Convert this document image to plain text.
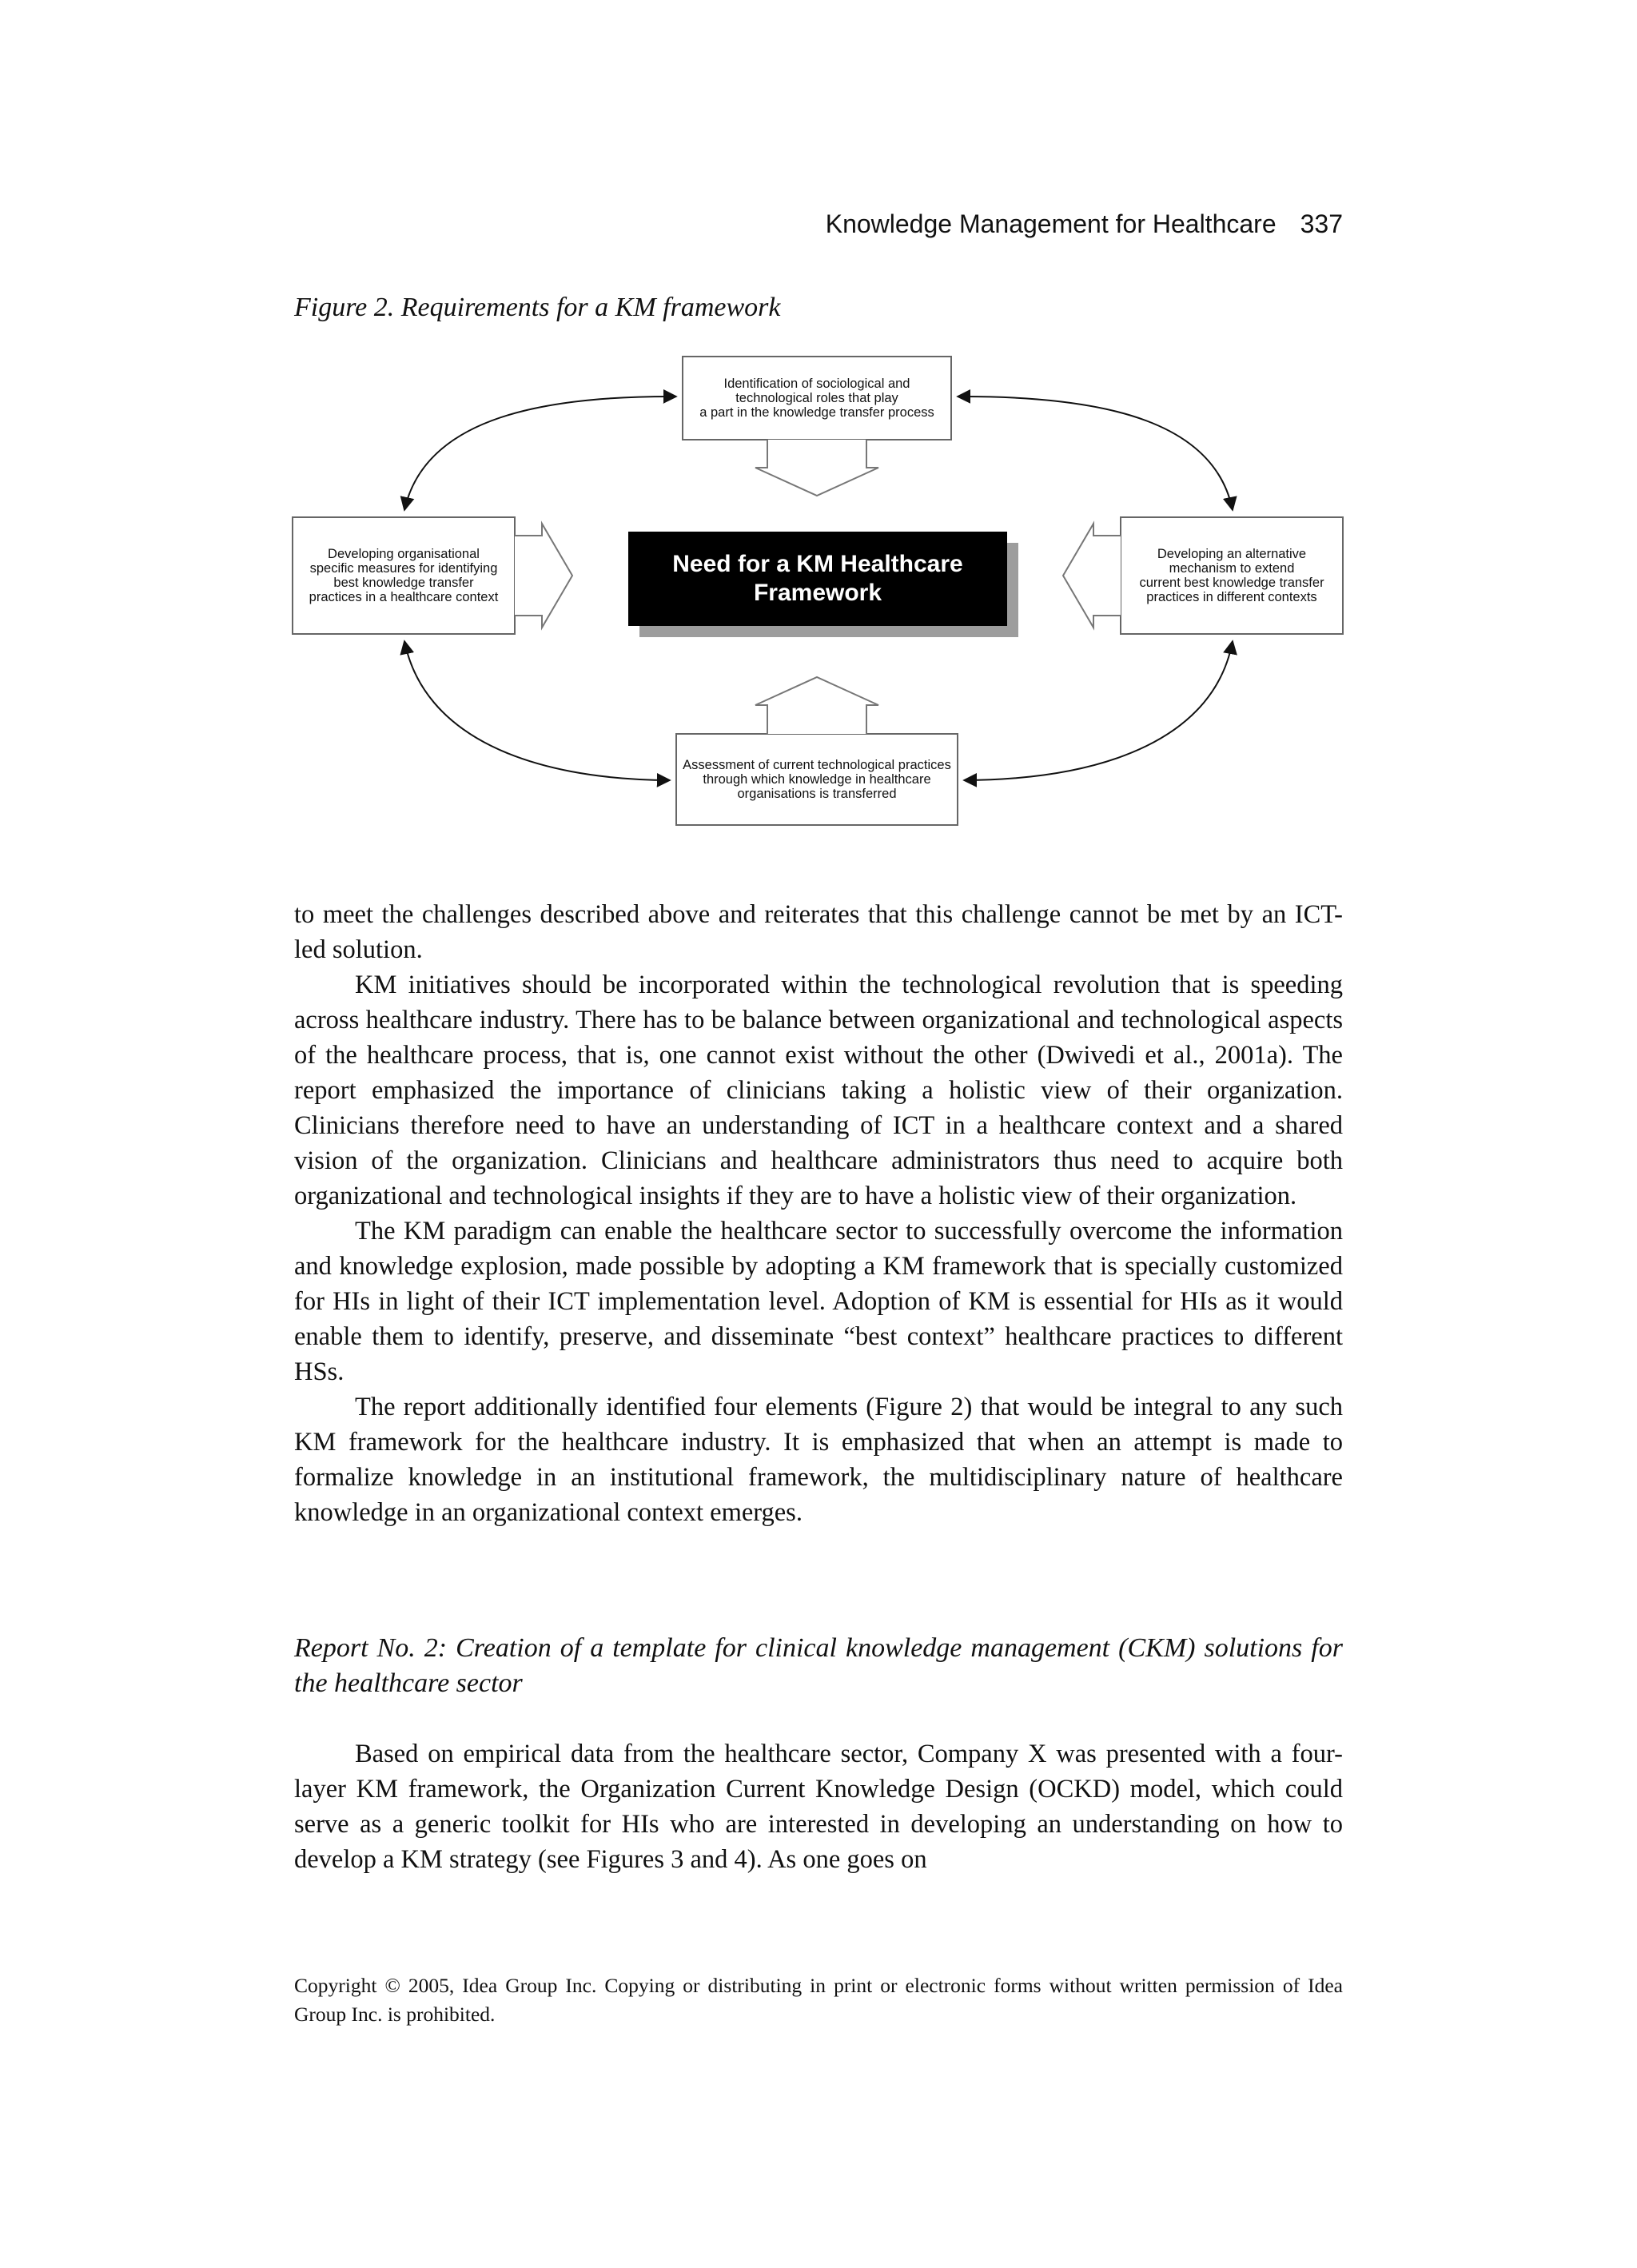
Knowledge Management for Healthcare 337
Figure 2. Requirements for a KM framework
Identification of sociological and
technological roles that play
a part in the knowledge transfer process
Developing organisational
specific measures for identifying
best knowledge transfer
practices in a healthcare context
Developing an alternative
mechanism to extend
current best knowledge transfer
practices in different contexts
Assessment of current technological practices
through which knowledge in healthcare
organisations is transferred
Need for a KM Healthcare
Framework

to meet the challenges described above and reiterates that this challenge cannot be met by an ICT-led solution.

KM initiatives should be incorporated within the technological revolution that is speeding across healthcare industry. There has to be balance between organizational and technological aspects of the healthcare process, that is, one cannot exist without the other (Dwivedi et al., 2001a). The report emphasized the importance of clinicians taking a holistic view of their organization. Clinicians therefore need to have an understanding of ICT in a healthcare context and a shared vision of the organization. Clinicians and healthcare administrators thus need to acquire both organizational and technological insights if they are to have a holistic view of their organization.

The KM paradigm can enable the healthcare sector to successfully overcome the information and knowledge explosion, made possible by adopting a KM framework that is specially customized for HIs in light of their ICT implementation level. Adoption of KM is essential for HIs as it would enable them to identify, preserve, and disseminate “best context” healthcare practices to different HSs.

The report additionally identified four elements (Figure 2) that would be integral to any such KM framework for the healthcare industry. It is emphasized that when an attempt is made to formalize knowledge in an institutional framework, the multidisciplinary nature of healthcare knowledge in an organizational context emerges.

Report No. 2: Creation of a template for clinical knowledge management (CKM) solutions for the healthcare sector

Based on empirical data from the healthcare sector, Company X was presented with a four-layer KM framework, the Organization Current Knowledge Design (OCKD) model, which could serve as a generic toolkit for HIs who are interested in developing an understanding on how to develop a KM strategy (see Figures 3 and 4). As one goes on

Copyright © 2005, Idea Group Inc. Copying or distributing in print or electronic forms without written permission of Idea Group Inc. is prohibited.
